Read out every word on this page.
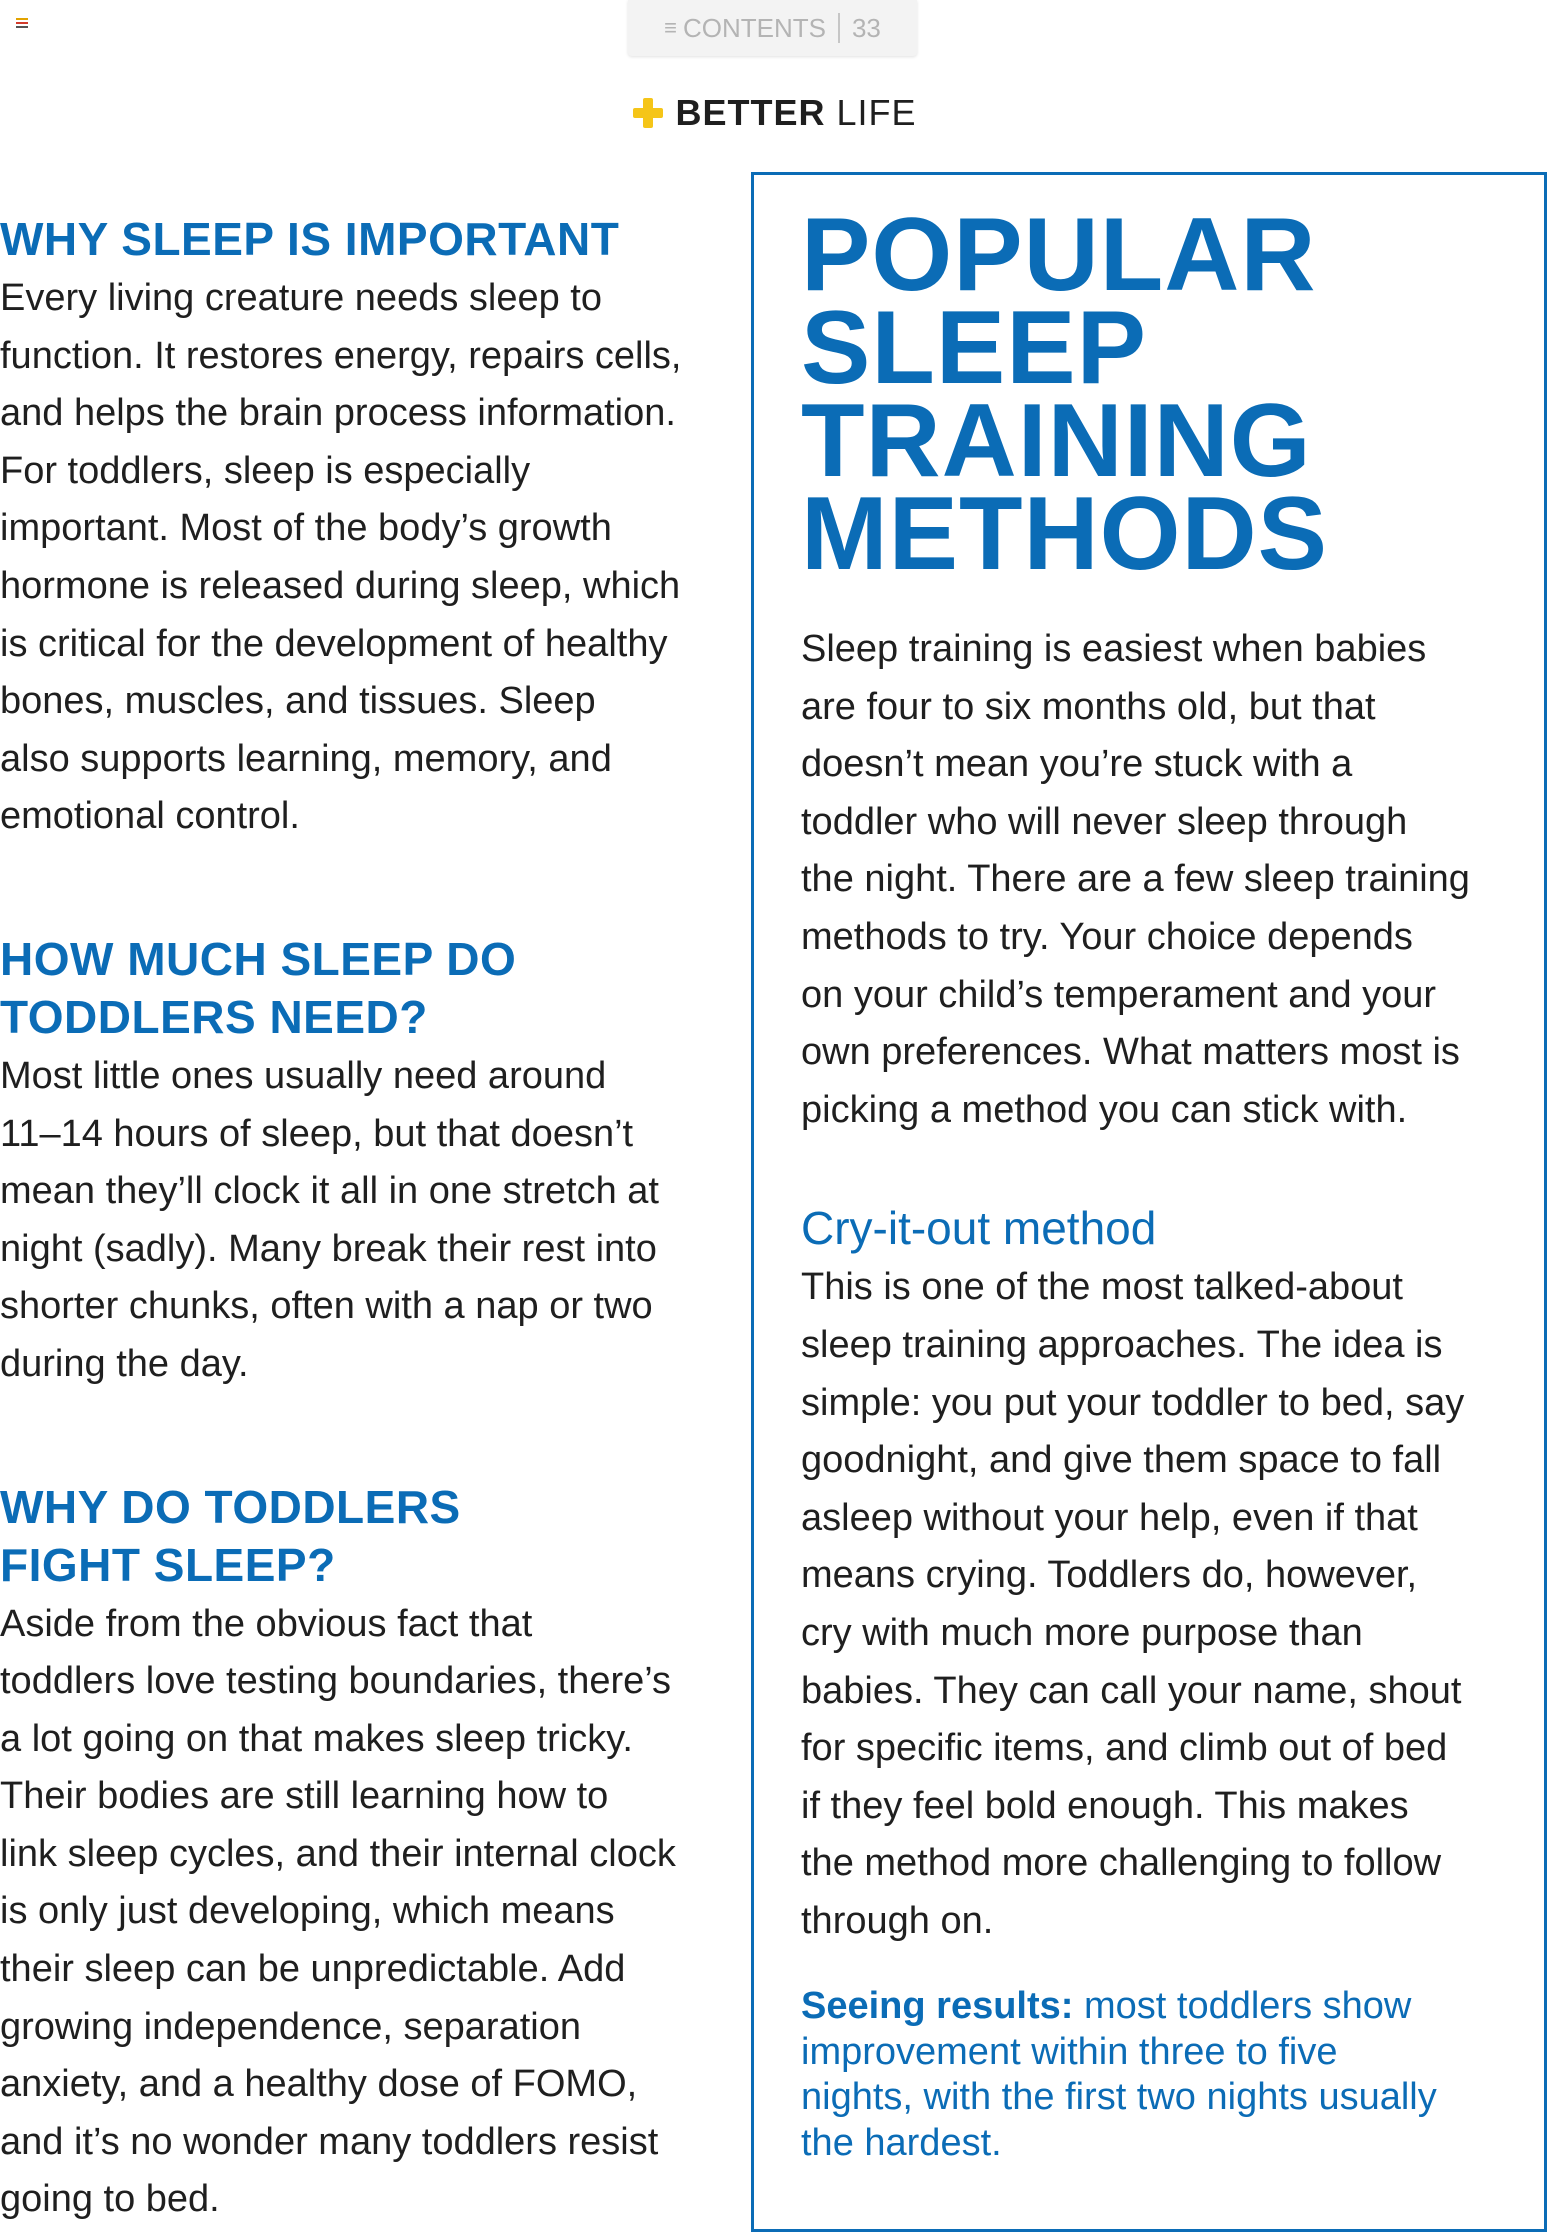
≡ CONTENTS 33
BETTER LIFE
WHY SLEEP IS IMPORTANT

Every living creature needs sleep to
function. It restores energy, repairs cells,
and helps the brain process information.
For toddlers, sleep is especially
important. Most of the body’s growth
hormone is released during sleep, which
is critical for the development of healthy
bones, muscles, and tissues. Sleep
also supports learning, memory, and
emotional control.

HOW MUCH SLEEP DO
TODDLERS NEED?

Most little ones usually need around
11–14 hours of sleep, but that doesn’t
mean they’ll clock it all in one stretch at
night (sadly). Many break their rest into
shorter chunks, often with a nap or two
during the day.

WHY DO TODDLERS
FIGHT SLEEP?

Aside from the obvious fact that
toddlers love testing boundaries, there’s
a lot going on that makes sleep tricky.
Their bodies are still learning how to
link sleep cycles, and their internal clock
is only just developing, which means
their sleep can be unpredictable. Add
growing independence, separation
anxiety, and a healthy dose of FOMO,
and it’s no wonder many toddlers resist
going to bed.

POPULAR
SLEEP
TRAINING
METHODS

Sleep training is easiest when babies
are four to six months old, but that
doesn’t mean you’re stuck with a
toddler who will never sleep through
the night. There are a few sleep training
methods to try. Your choice depends
on your child’s temperament and your
own preferences. What matters most is
picking a method you can stick with.

Cry-it-out method

This is one of the most talked-about
sleep training approaches. The idea is
simple: you put your toddler to bed, say
goodnight, and give them space to fall
asleep without your help, even if that
means crying. Toddlers do, however,
cry with much more purpose than
babies. They can call your name, shout
for specific items, and climb out of bed
if they feel bold enough. This makes
the method more challenging to follow
through on.

Seeing results: most toddlers show
improvement within three to five
nights, with the first two nights usually
the hardest.
